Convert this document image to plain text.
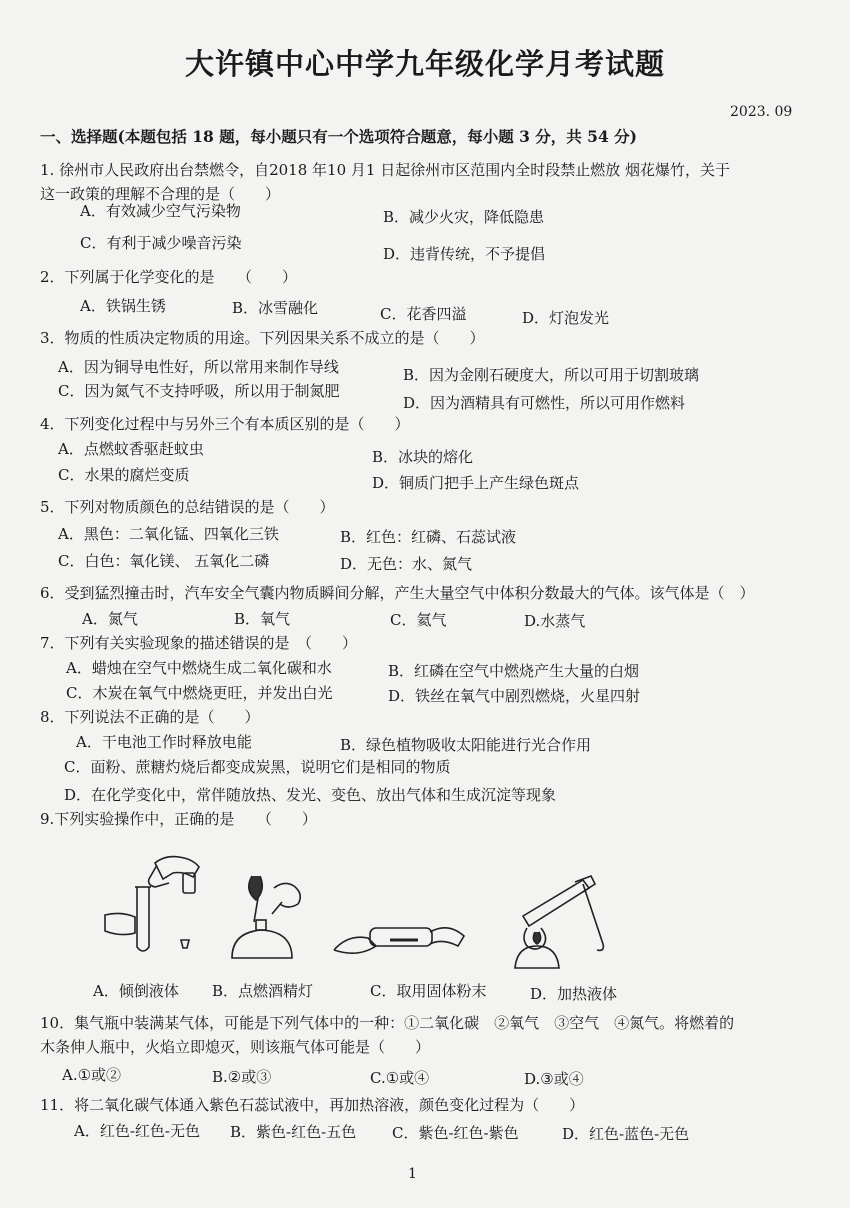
大许镇中心中学九年级化学月考试题
2023. 09
一、选择题(本题包括 18 题，每小题只有一个选项符合题意，每小题 3 分，共 54 分)
1. 徐州市人民政府出台禁燃令，自2018 年10 月1 日起徐州市区范围内全时段禁止燃放 烟花爆竹，关于
这一政策的理解不合理的是（　　）
A．有效减少空气污染物	B．减少火灾，降低隐患
C．有利于减少噪音污染
D．违背传统，不予提倡
2．下列属于化学变化的是　　（　　）
A．铁锅生锈	B．冰雪融化	C．花香四溢	D．灯泡发光
3．物质的性质决定物质的用途。下列因果关系不成立的是（　　）
A．因为铜导电性好，所以常用来制作导线	B．因为金刚石硬度大，所以可用于切割玻璃
C．因为氮气不支持呼吸，所以用于制氮肥
D．因为酒精具有可燃性，所以可用作燃料
4．下列变化过程中与另外三个有本质区别的是（　　）
A．点燃蚊香驱赶蚊虫	B．冰块的熔化
C．水果的腐烂变质	D．铜质门把手上产生绿色斑点
5．下列对物质颜色的总结错误的是（　　）
A．黑色：二氧化锰、四氧化三铁	B．红色：红磷、石蕊试液
C．白色：氧化镁、 五氧化二磷	D．无色：水、氮气
6．受到猛烈撞击时，汽车安全气囊内物质瞬间分解，产生大量空气中体积分数最大的气体。该气体是（　）
A．氮气	B．氧气	C．氦气	D.水蒸气
7．下列有关实验现象的描述错误的是　（　　）
A．蜡烛在空气中燃烧生成二氧化碳和水	B．红磷在空气中燃烧产生大量的白烟
C．木炭在氧气中燃烧更旺，并发出白光	D．铁丝在氧气中剧烈燃烧，火星四射
8．下列说法不正确的是（　　）
A．干电池工作时释放电能	B．绿色植物吸收太阳能进行光合作用
C．面粉、蔗糖灼烧后都变成炭黑，说明它们是相同的物质
D．在化学变化中，常伴随放热、发光、变色、放出气体和生成沉淀等现象
9.下列实验操作中，正确的是　　（　　）
A．倾倒液体 B．点燃酒精灯	C．取用固体粉末	D．加热液体
10．集气瓶中装满某气体，可能是下列气体中的一种：①二氧化碳　②氧气　③空气　④氮气。将燃着的
木条伸人瓶中，火焰立即熄灭，则该瓶气体可能是（　　）
A.①或②	B.②或③	C.①或④	D.③或④
11．将二氧化碳气体通入紫色石蕊试液中，再加热溶液，颜色变化过程为（　　）
A．红色-红色-无色 B．紫色-红色-五色 C．紫色-红色-紫色	D．红色-蓝色-无色
1
